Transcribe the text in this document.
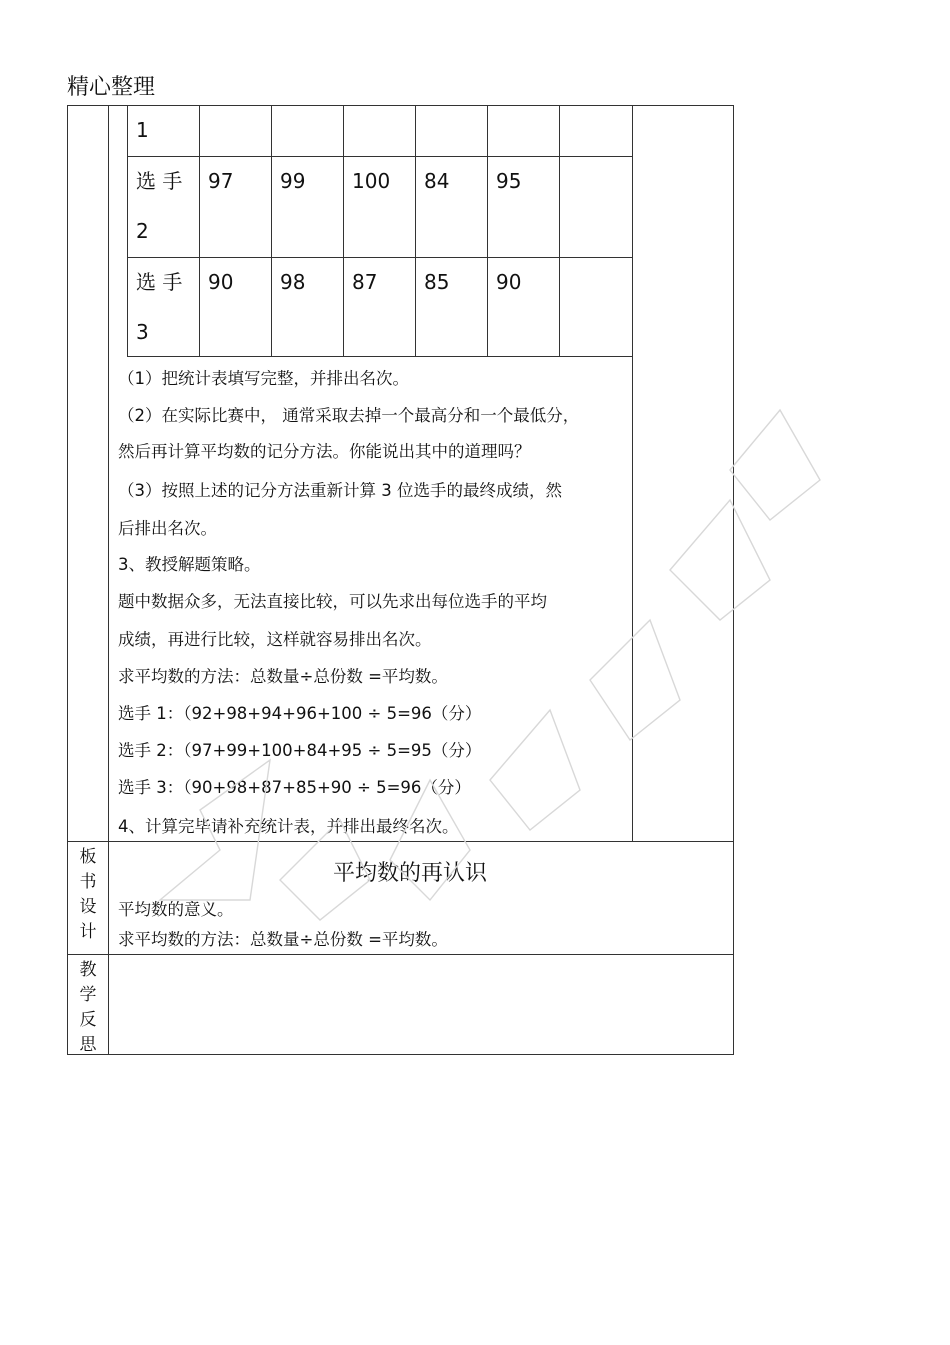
精心整理
1
选 手
2
97 99 100 84 95
选 手
3
90 98 87 85 90
（1）把统计表填写完整，并排出名次。
（2）在实际比赛中， 通常采取去掉一个最高分和一个最低分，
然后再计算平均数的记分方法。你能说出其中的道理吗？
（3）按照上述的记分方法重新计算 3 位选手的最终成绩，然
后排出名次。
3、教授解题策略。
题中数据众多，无法直接比较，可以先求出每位选手的平均
成绩，再进行比较，这样就容易排出名次。
求平均数的方法：总数量÷总份数 =平均数。
选手 1：（92+98+94+96+100 ÷ 5=96（分）
选手 2：（97+99+100+84+95 ÷ 5=95（分）
选手 3：（90+98+87+85+90 ÷ 5=96（分）
4、计算完毕请补充统计表，并排出最终名次。
板
书
设
计
平均数的再认识
平均数的意义。
求平均数的方法：总数量÷总份数 =平均数。
教
学
反
思
